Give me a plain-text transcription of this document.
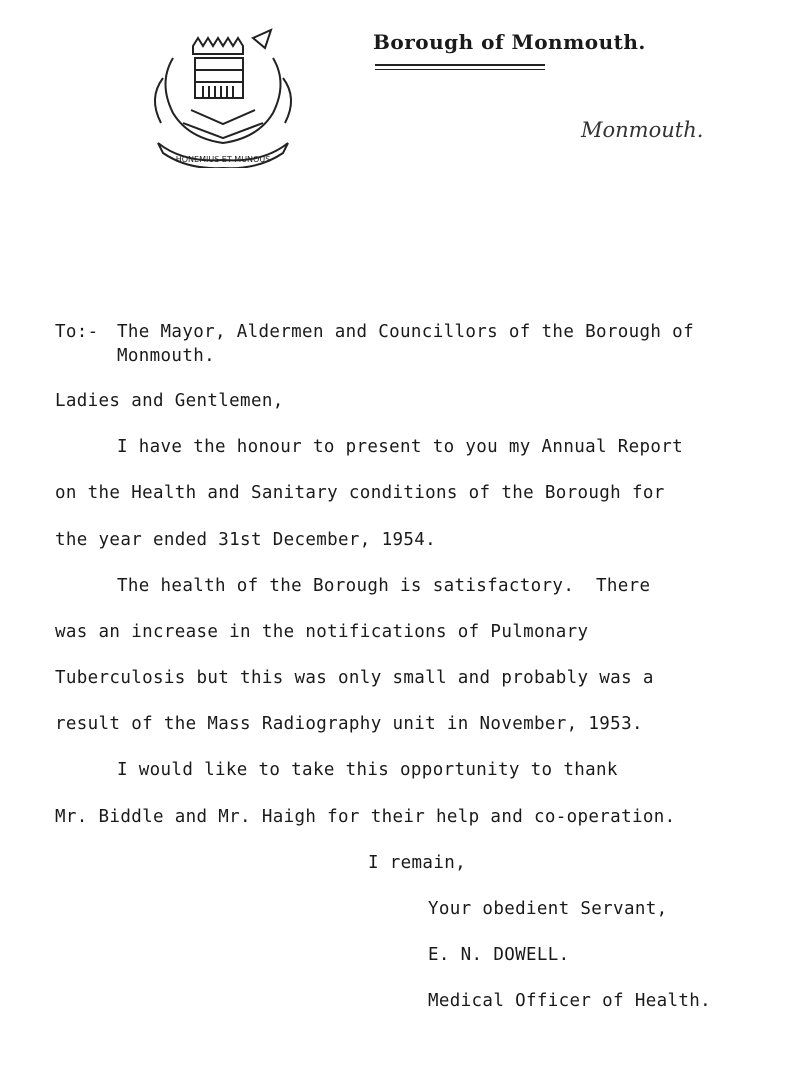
HONEMIUS ET MUNOUS
Borough of Monmouth.
Monmouth.
To:- The Mayor, Aldermen and Councillors of the Borough of
Monmouth.
Ladies and Gentlemen,
I have the honour to present to you my Annual Report
on the Health and Sanitary conditions of the Borough for
the year ended 31st December, 1954.
The health of the Borough is satisfactory.  There
was an increase in the notifications of Pulmonary
Tuberculosis but this was only small and probably was a
result of the Mass Radiography unit in November, 1953.
I would like to take this opportunity to thank
Mr. Biddle and Mr. Haigh for their help and co-operation.
I remain,
Your obedient Servant,
E. N. DOWELL.
Medical Officer of Health.
